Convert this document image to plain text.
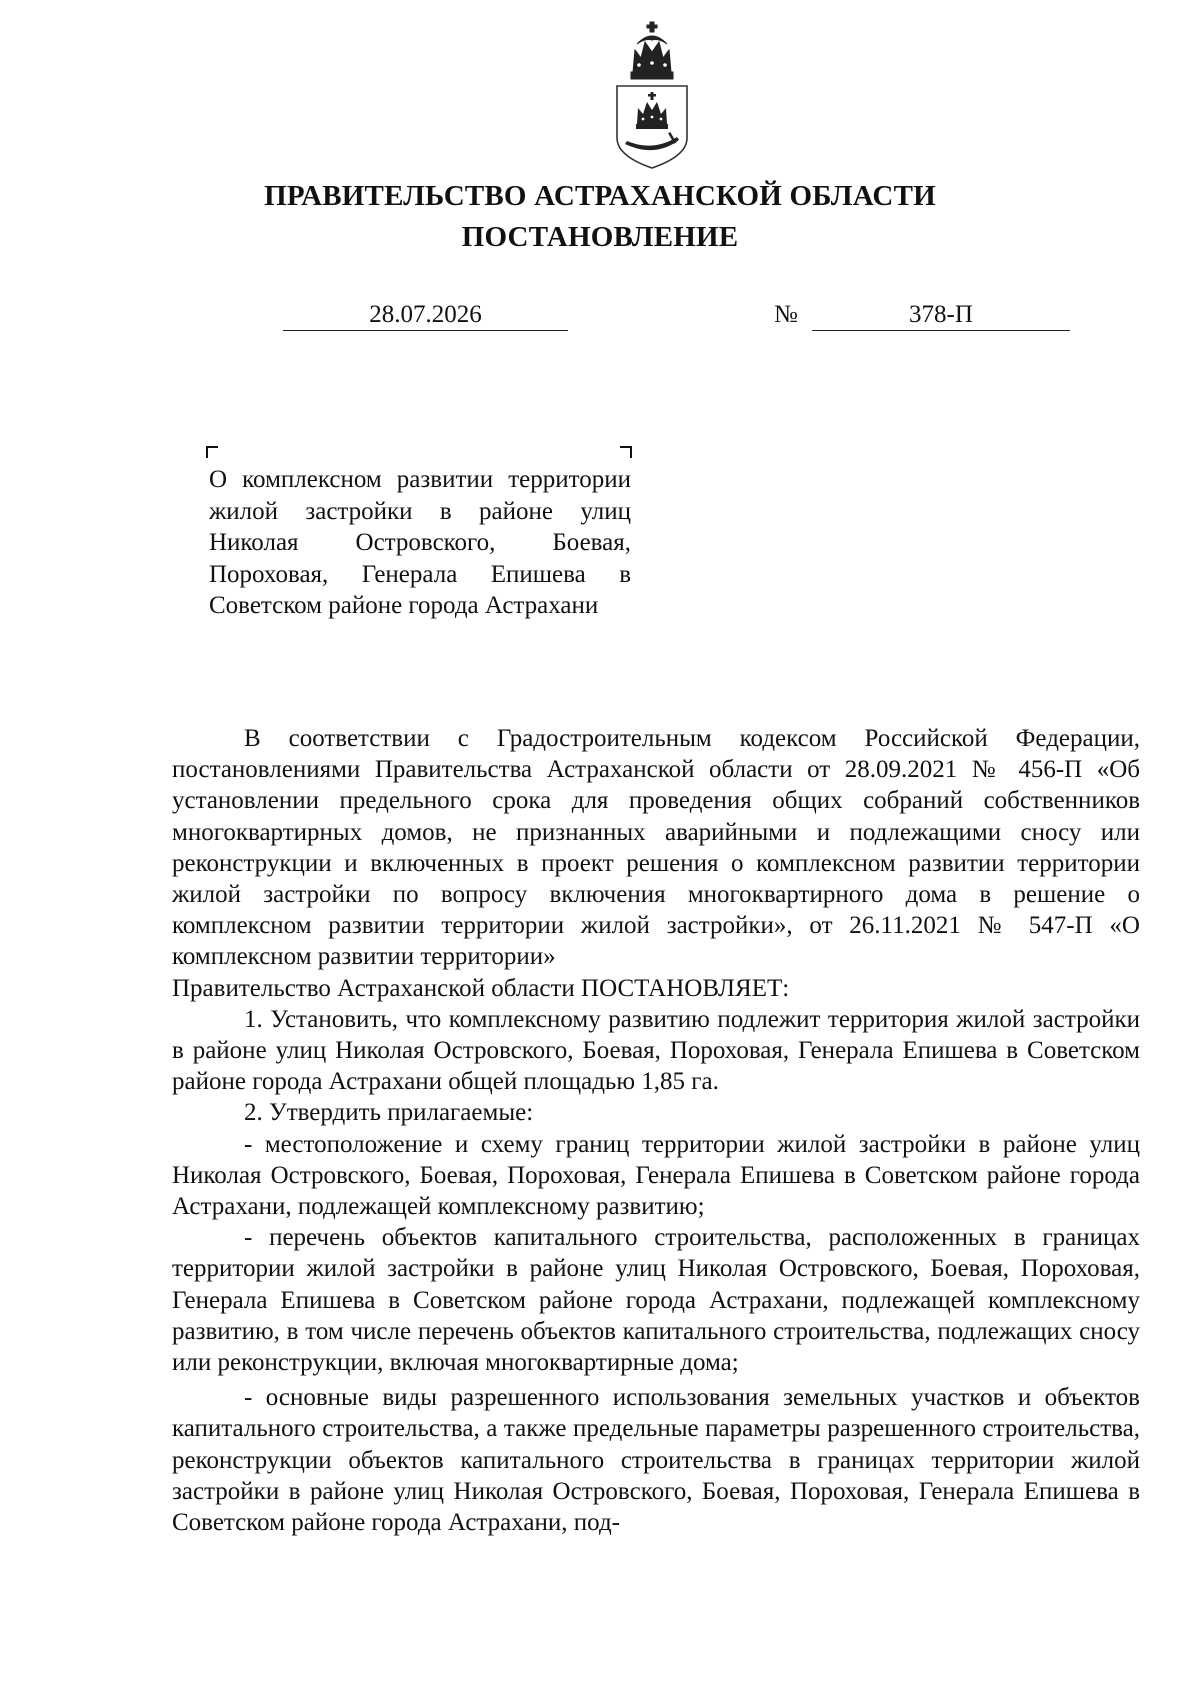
ПРАВИТЕЛЬСТВО АСТРАХАНСКОЙ ОБЛАСТИ
ПОСТАНОВЛЕНИЕ
28.07.2026	№	378-П
О комплексном развитии территории жилой застройки в районе улиц Николая Островского, Боевая, Пороховая, Генерала Епишева в Советском районе города Астрахани

В соответствии с Градостроительным кодексом Российской Федерации, постановлениями Правительства Астраханской области от 28.09.2021 № 456-П «Об установлении предельного срока для проведения общих собраний собственников многоквартирных домов, не признанных аварийными и подлежащими сносу или реконструкции и включенных в проект решения о комплексном развитии территории жилой застройки по вопросу включения многоквартирного дома в решение о комплексном развитии территории жилой застройки», от 26.11.2021 № 547-П «О комплексном развитии территории»

Правительство Астраханской области ПОСТАНОВЛЯЕТ:

1. Установить, что комплексному развитию подлежит территория жилой застройки в районе улиц Николая Островского, Боевая, Пороховая, Генерала Епишева в Советском районе города Астрахани общей площадью 1,85 га.

2. Утвердить прилагаемые:

- местоположение и схему границ территории жилой застройки в районе улиц Николая Островского, Боевая, Пороховая, Генерала Епишева в Советском районе города Астрахани, подлежащей комплексному развитию;

- перечень объектов капитального строительства, расположенных в границах территории жилой застройки в районе улиц Николая Островского, Боевая, Пороховая, Генерала Епишева в Советском районе города Астрахани, подлежащей комплексному развитию, в том числе перечень объектов капитального строительства, подлежащих сносу или реконструкции, включая многоквартирные дома;

- основные виды разрешенного использования земельных участков и объектов капитального строительства, а также предельные параметры разрешенного строительства, реконструкции объектов капитального строительства в границах территории жилой застройки в районе улиц Николая Островского, Боевая, Пороховая, Генерала Епишева в Советском районе города Астрахани, под-
